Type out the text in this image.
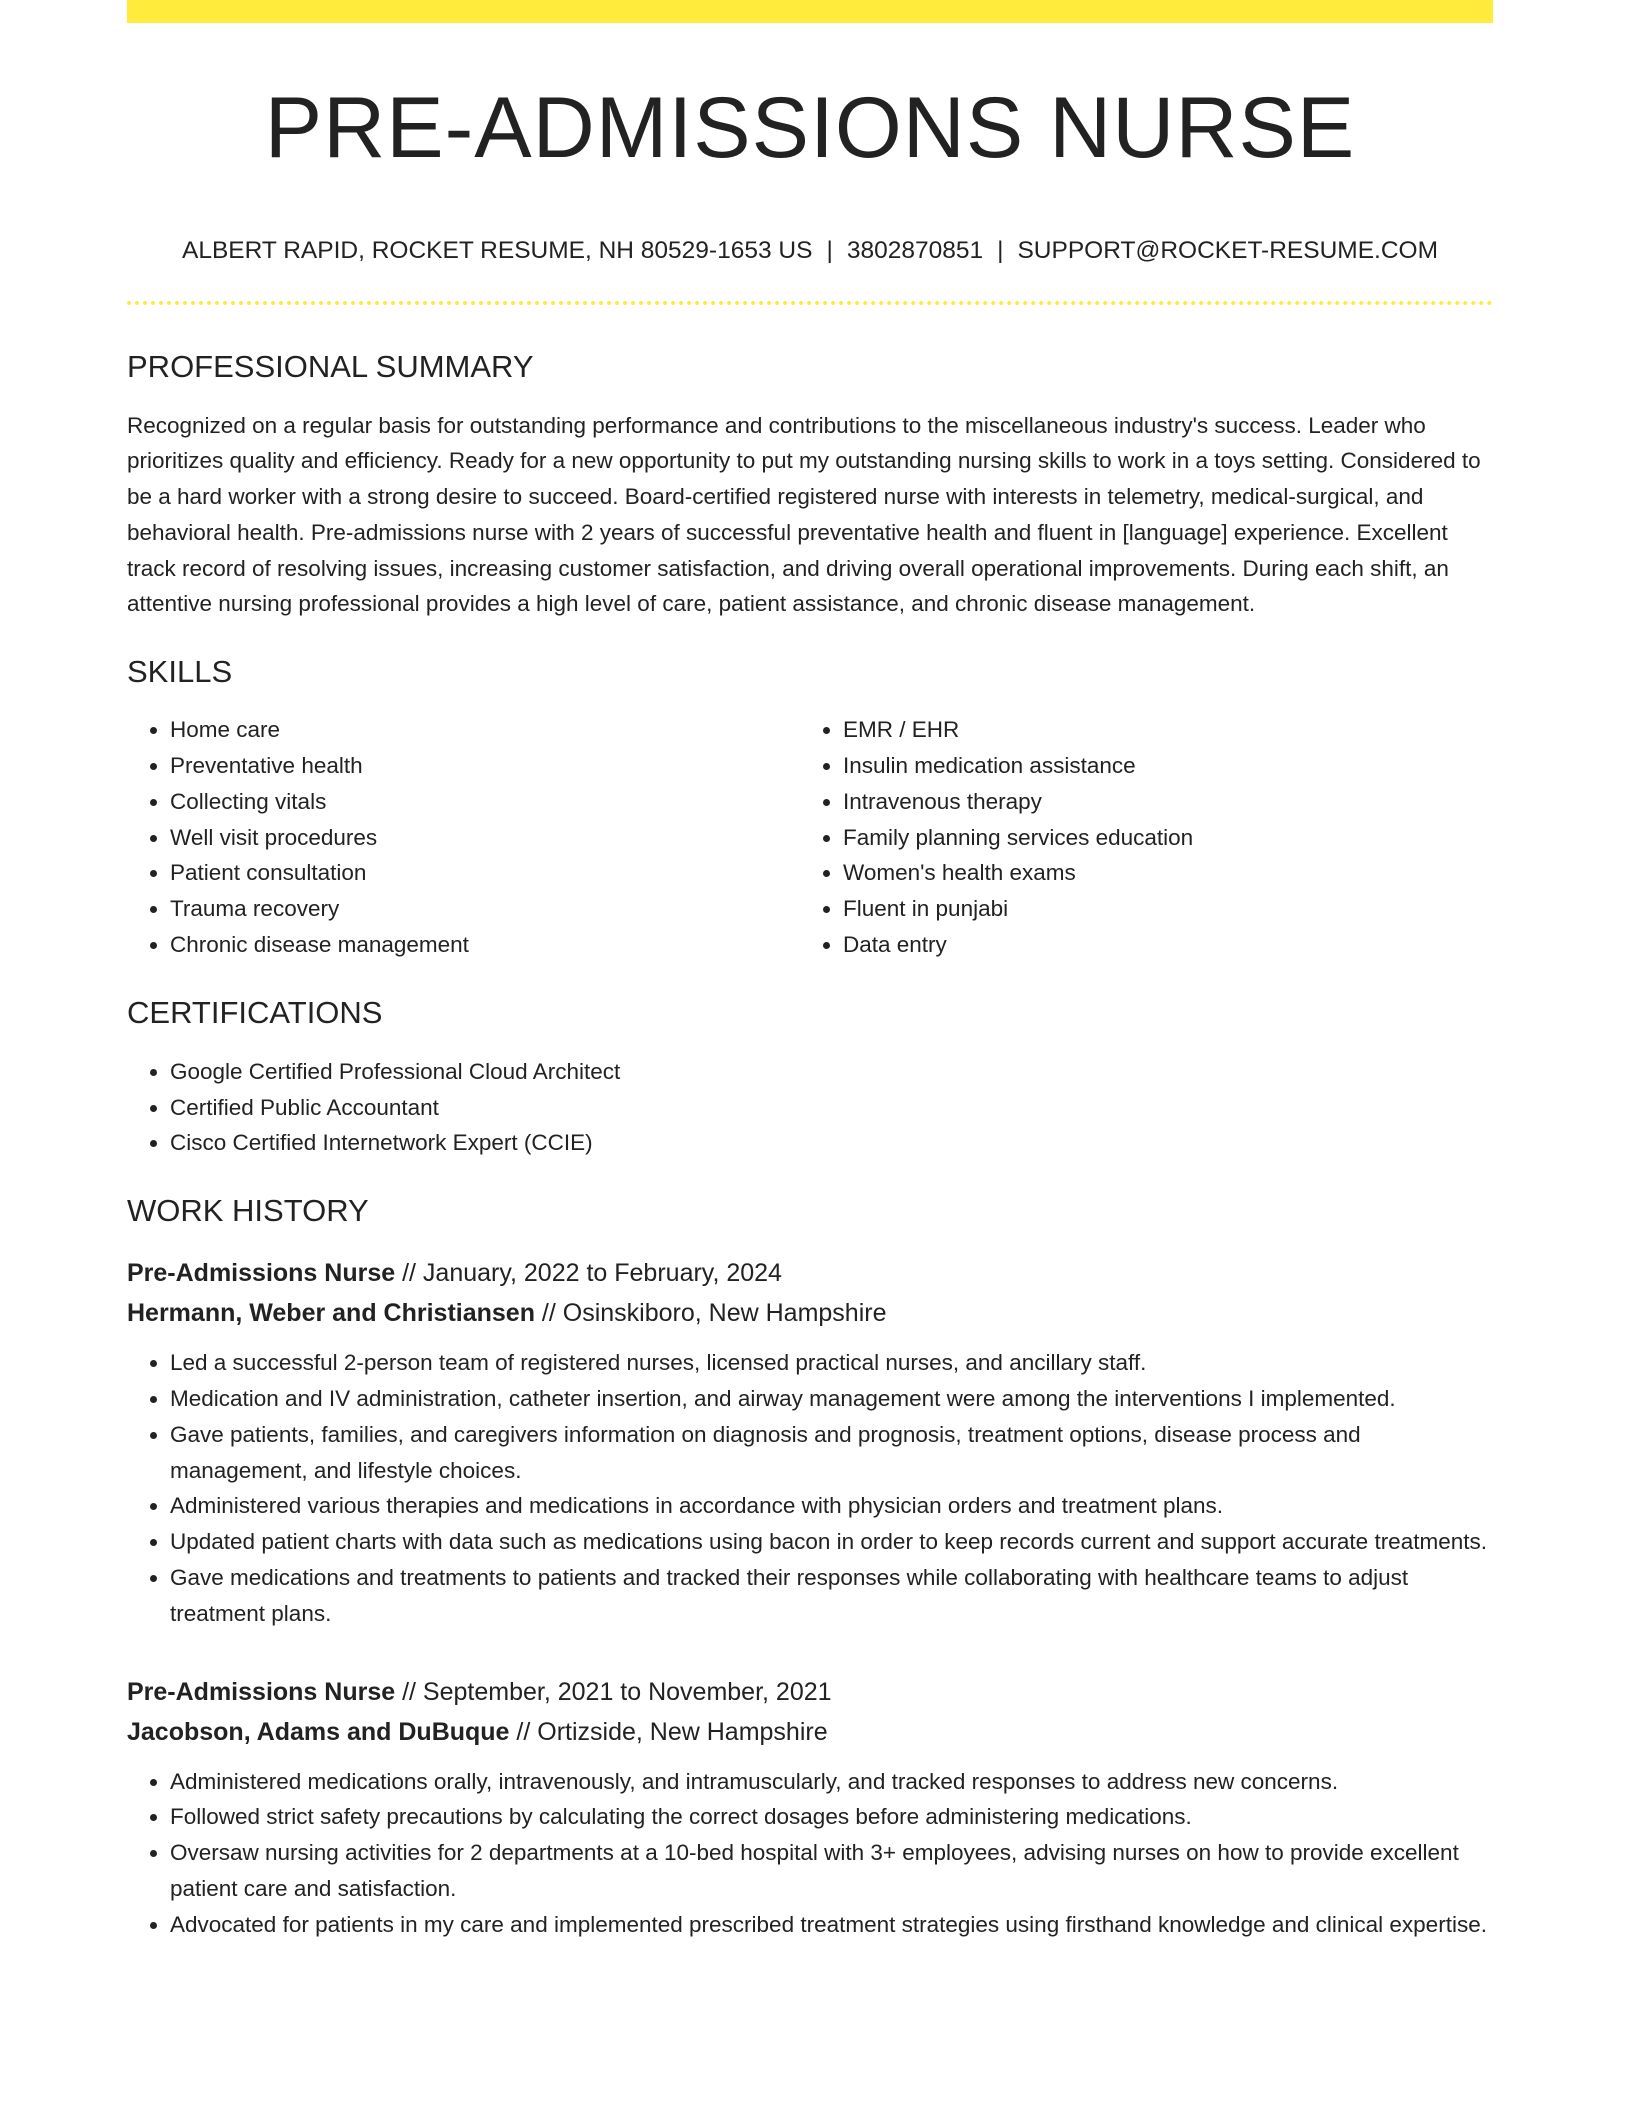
PRE-ADMISSIONS NURSE
ALBERT RAPID, ROCKET RESUME, NH 80529-1653 US | 3802870851 | SUPPORT@ROCKET-RESUME.COM
PROFESSIONAL SUMMARY

Recognized on a regular basis for outstanding performance and contributions to the miscellaneous industry's success. Leader who prioritizes quality and efficiency. Ready for a new opportunity to put my outstanding nursing skills to work in a toys setting. Considered to be a hard worker with a strong desire to succeed. Board-certified registered nurse with interests in telemetry, medical-surgical, and behavioral health. Pre-admissions nurse with 2 years of successful preventative health and fluent in [language] experience. Excellent track record of resolving issues, increasing customer satisfaction, and driving overall operational improvements. During each shift, an attentive nursing professional provides a high level of care, patient assistance, and chronic disease management.

SKILLS
• Home care
• Preventative health
• Collecting vitals
• Well visit procedures
• Patient consultation
• Trauma recovery
• Chronic disease management
• EMR / EHR
• Insulin medication assistance
• Intravenous therapy
• Family planning services education
• Women's health exams
• Fluent in punjabi
• Data entry
CERTIFICATIONS
• Google Certified Professional Cloud Architect
• Certified Public Accountant
• Cisco Certified Internetwork Expert (CCIE)
WORK HISTORY
Pre-Admissions Nurse // January, 2022 to February, 2024
Hermann, Weber and Christiansen // Osinskiboro, New Hampshire
• Led a successful 2-person team of registered nurses, licensed practical nurses, and ancillary staff.
• Medication and IV administration, catheter insertion, and airway management were among the interventions I implemented.
• Gave patients, families, and caregivers information on diagnosis and prognosis, treatment options, disease process and management, and lifestyle choices.
• Administered various therapies and medications in accordance with physician orders and treatment plans.
• Updated patient charts with data such as medications using bacon in order to keep records current and support accurate treatments.
• Gave medications and treatments to patients and tracked their responses while collaborating with healthcare teams to adjust treatment plans.
Pre-Admissions Nurse // September, 2021 to November, 2021
Jacobson, Adams and DuBuque // Ortizside, New Hampshire
• Administered medications orally, intravenously, and intramuscularly, and tracked responses to address new concerns.
• Followed strict safety precautions by calculating the correct dosages before administering medications.
• Oversaw nursing activities for 2 departments at a 10-bed hospital with 3+ employees, advising nurses on how to provide excellent patient care and satisfaction.
• Advocated for patients in my care and implemented prescribed treatment strategies using firsthand knowledge and clinical expertise.
